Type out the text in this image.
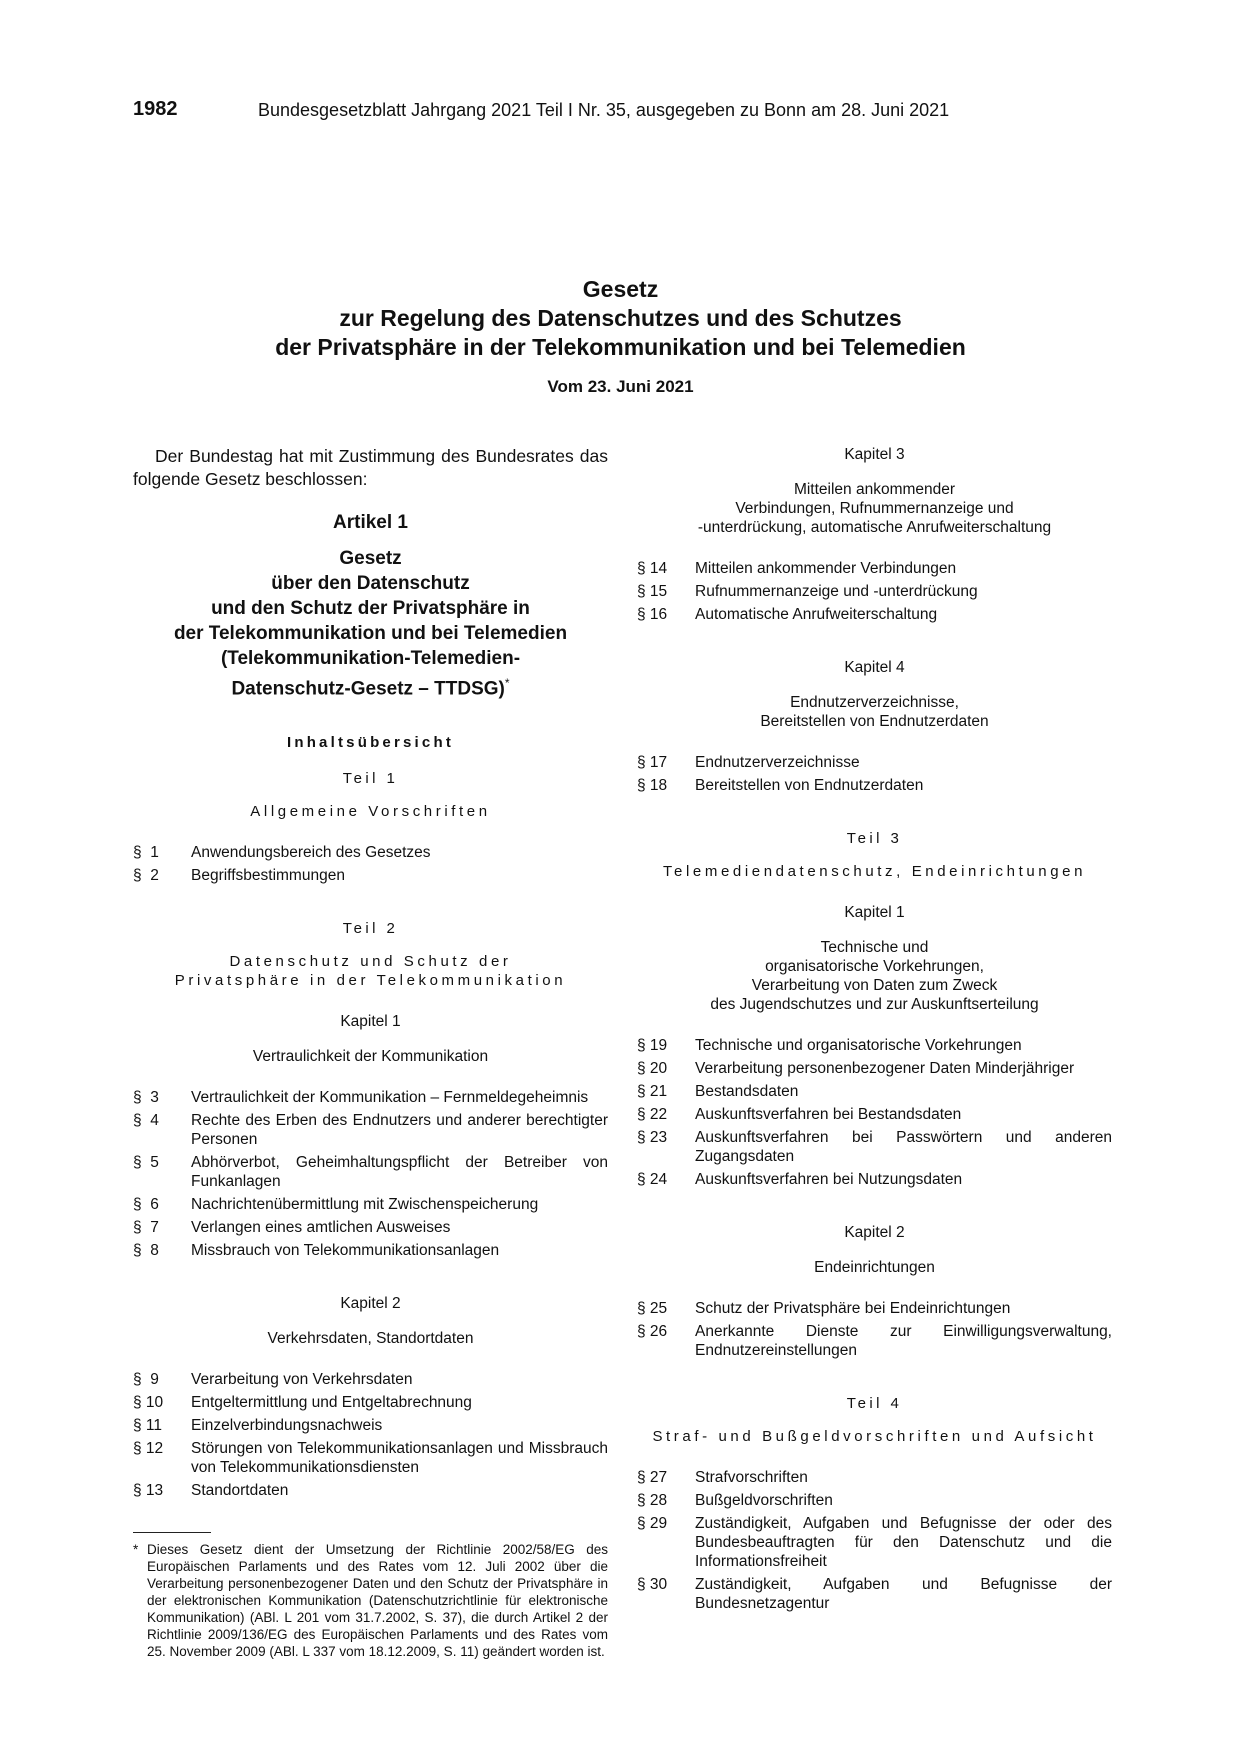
1982	Bundesgesetzblatt Jahrgang 2021 Teil I Nr. 35, ausgegeben zu Bonn am 28. Juni 2021
Gesetz
zur Regelung des Datenschutzes und des Schutzes
der Privatsphäre in der Telekommunikation und bei Telemedien
Vom 23. Juni 2021

Der Bundestag hat mit Zustimmung des Bundesrates das folgende Gesetz beschlossen:

Artikel 1
Gesetz
über den Datenschutz
und den Schutz der Privatsphäre in
der Telekommunikation und bei Telemedien
(Telekommunikation-Telemedien-
Datenschutz-Gesetz – TTDSG)*
Inhaltsübersicht
Teil 1
Allgemeine Vorschriften
§  1	Anwendungsbereich des Gesetzes
§  2	Begriffsbestimmungen
Teil 2
Datenschutz und Schutz der
Privatsphäre in der Telekommunikation
Kapitel 1
Vertraulichkeit der Kommunikation
§  3	Vertraulichkeit der Kommunikation – Fernmeldegeheimnis
§  4	Rechte des Erben des Endnutzers und anderer berechtigter Personen
§  5	Abhörverbot, Geheimhaltungspflicht der Betreiber von Funkanlagen
§  6	Nachrichtenübermittlung mit Zwischenspeicherung
§  7	Verlangen eines amtlichen Ausweises
§  8	Missbrauch von Telekommunikationsanlagen
Kapitel 2
Verkehrsdaten, Standortdaten
§  9	Verarbeitung von Verkehrsdaten
§ 10	Entgeltermittlung und Entgeltabrechnung
§ 11	Einzelverbindungsnachweis
§ 12	Störungen von Telekommunikationsanlagen und Missbrauch von Telekommunikationsdiensten
§ 13	Standortdaten
* Dieses Gesetz dient der Umsetzung der Richtlinie 2002/58/EG des Europäischen Parlaments und des Rates vom 12. Juli 2002 über die Verarbeitung personenbezogener Daten und den Schutz der Privatsphäre in der elektronischen Kommunikation (Datenschutzrichtlinie für elektronische Kommunikation) (ABl. L 201 vom 31.7.2002, S. 37), die durch Artikel 2 der Richtlinie 2009/136/EG des Europäischen Parlaments und des Rates vom 25. November 2009 (ABl. L 337 vom 18.12.2009, S. 11) geändert worden ist.
Kapitel 3
Mitteilen ankommender
Verbindungen, Rufnummernanzeige und
-unterdrückung, automatische Anrufweiterschaltung
§ 14	Mitteilen ankommender Verbindungen
§ 15	Rufnummernanzeige und -unterdrückung
§ 16	Automatische Anrufweiterschaltung
Kapitel 4
Endnutzerverzeichnisse,
Bereitstellen von Endnutzerdaten
§ 17	Endnutzerverzeichnisse
§ 18	Bereitstellen von Endnutzerdaten
Teil 3
Telemediendatenschutz, Endeinrichtungen
Kapitel 1
Technische und
organisatorische Vorkehrungen,
Verarbeitung von Daten zum Zweck
des Jugendschutzes und zur Auskunftserteilung
§ 19	Technische und organisatorische Vorkehrungen
§ 20	Verarbeitung personenbezogener Daten Minderjähriger
§ 21	Bestandsdaten
§ 22	Auskunftsverfahren bei Bestandsdaten
§ 23	Auskunftsverfahren bei Passwörtern und anderen Zugangsdaten
§ 24	Auskunftsverfahren bei Nutzungsdaten
Kapitel 2
Endeinrichtungen
§ 25	Schutz der Privatsphäre bei Endeinrichtungen
§ 26	Anerkannte Dienste zur Einwilligungsverwaltung, Endnutzereinstellungen
Teil 4
Straf- und Bußgeldvorschriften und Aufsicht
§ 27	Strafvorschriften
§ 28	Bußgeldvorschriften
§ 29	Zuständigkeit, Aufgaben und Befugnisse der oder des Bundesbeauftragten für den Datenschutz und die Informationsfreiheit
§ 30	Zuständigkeit, Aufgaben und Befugnisse der Bundesnetzagentur
